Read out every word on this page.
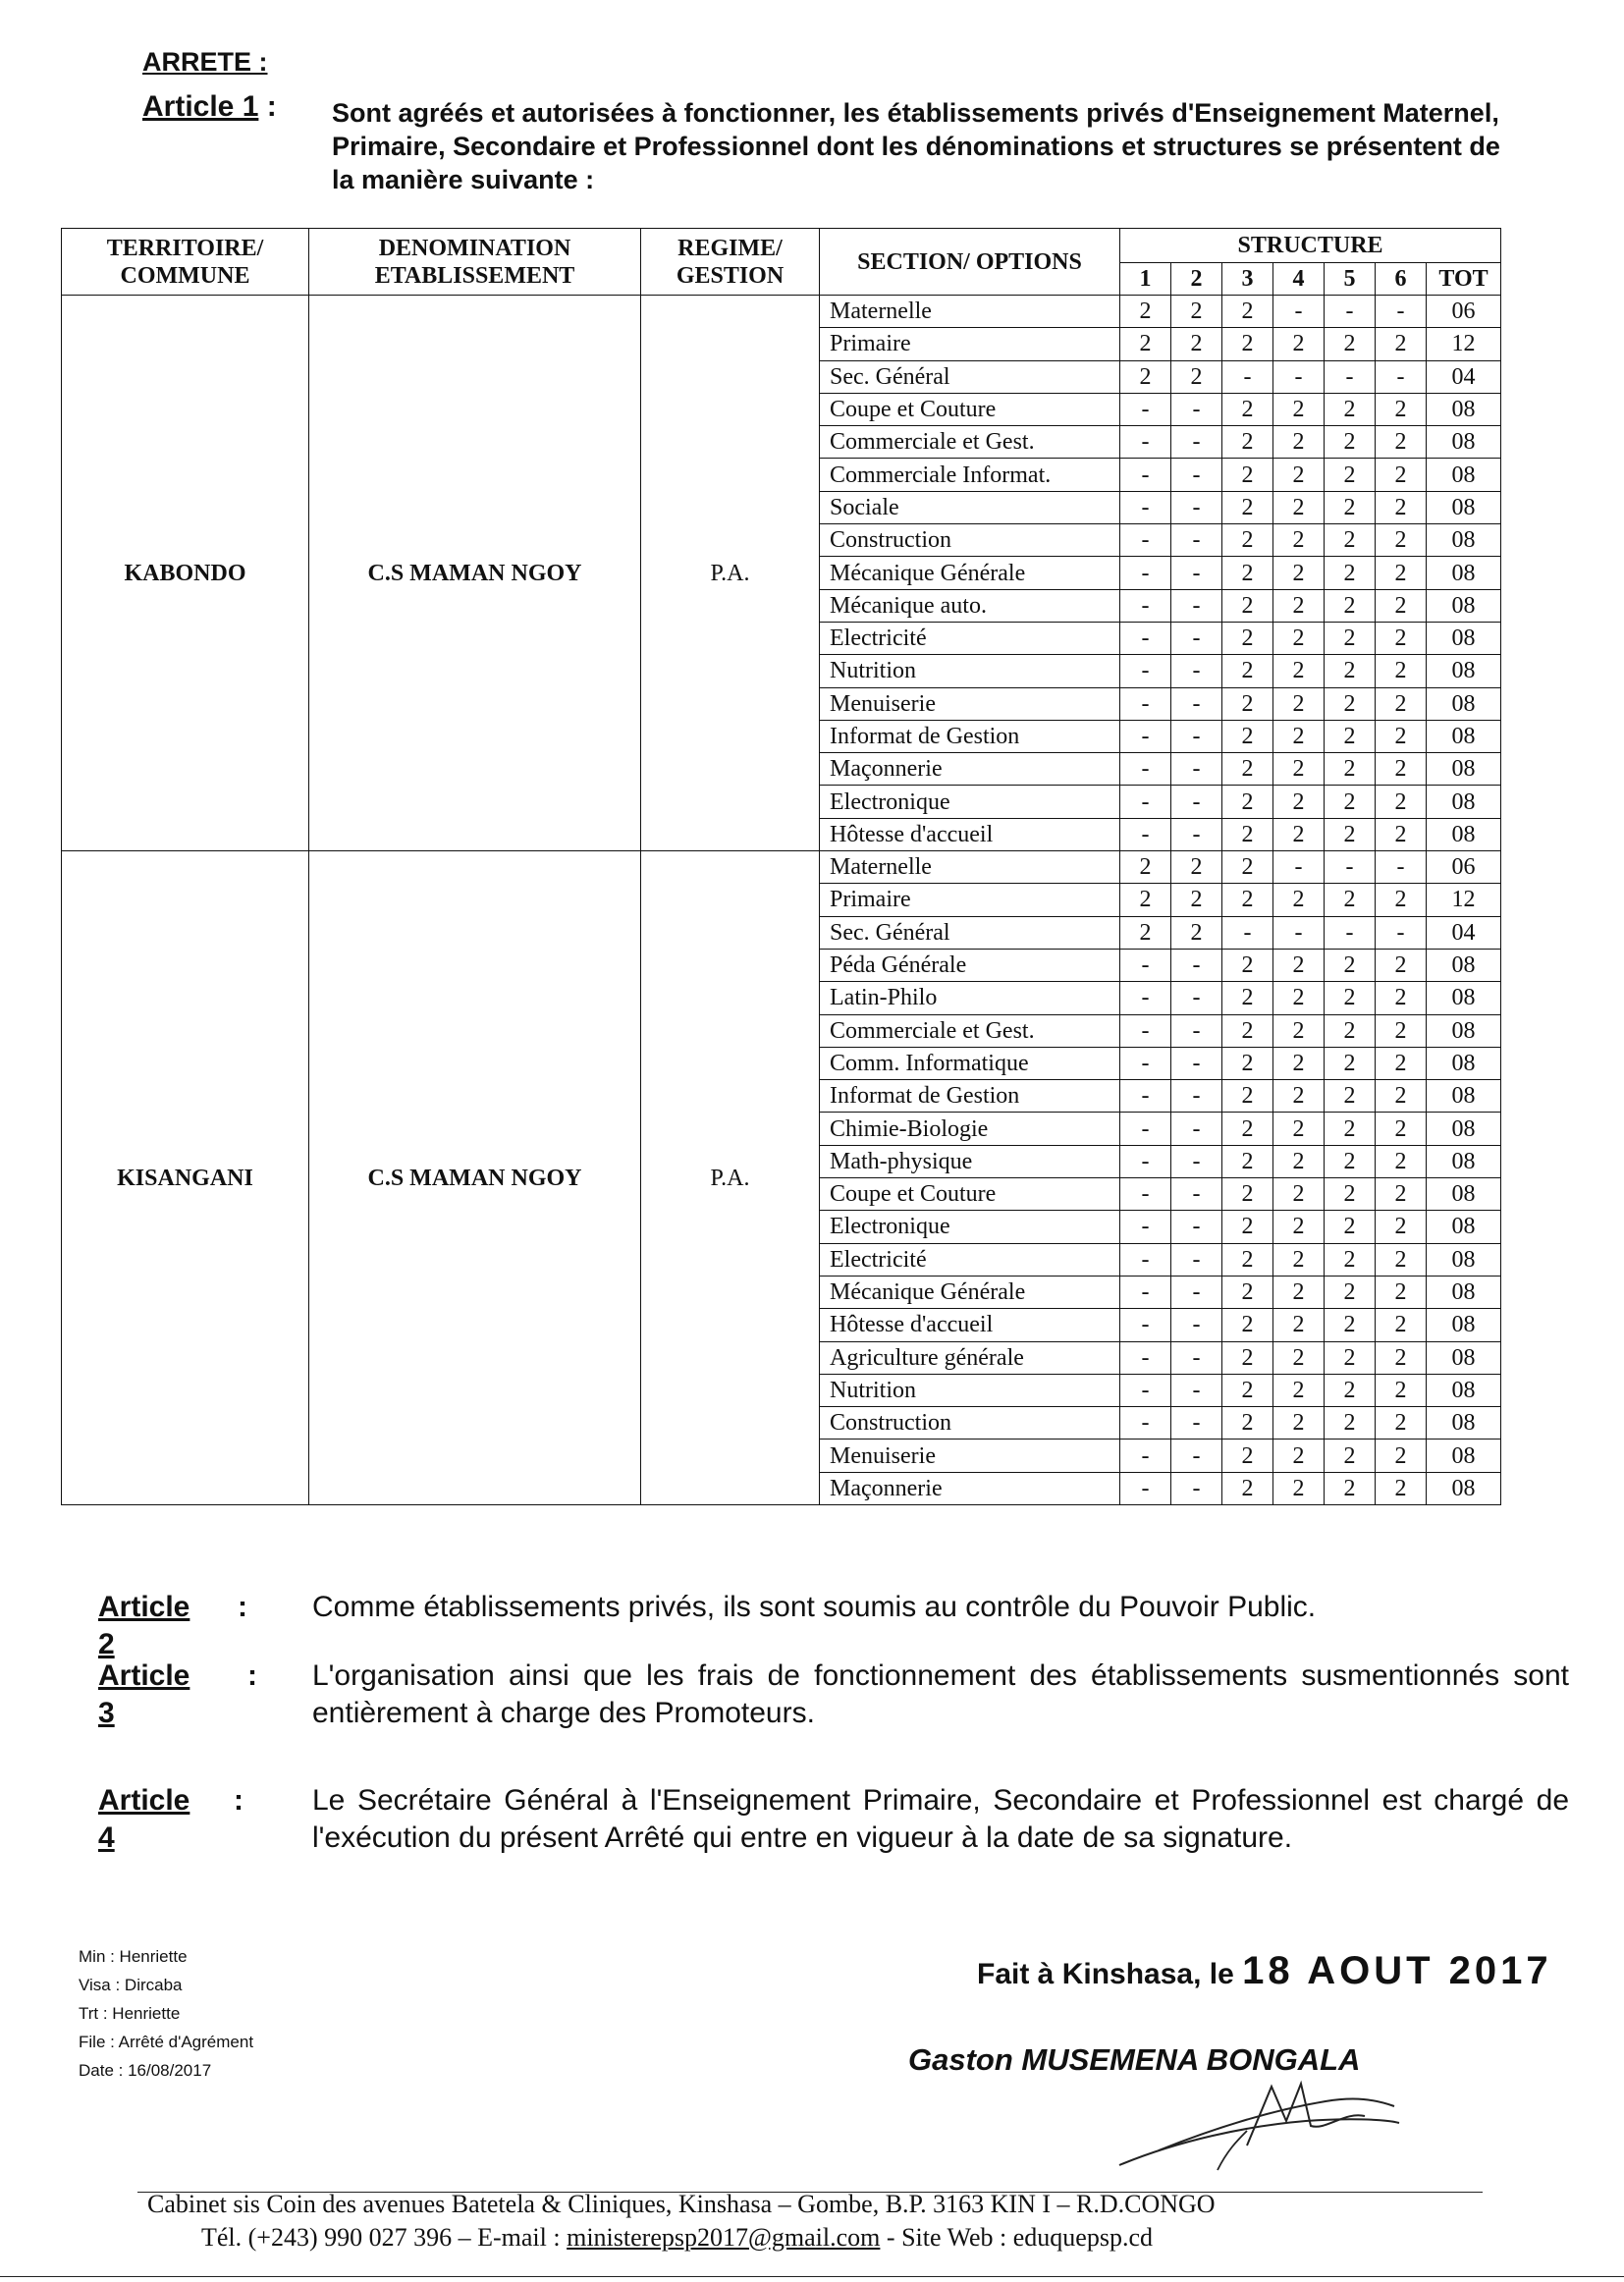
ARRETE :
Article 1 : Sont agréés et autorisées à fonctionner, les établissements privés d'Enseignement Maternel, Primaire, Secondaire et Professionnel dont les dénominations et structures se présentent de la manière suivante :
TERRITOIRE/ COMMUNE	DENOMINATION ETABLISSEMENT	REGIME/ GESTION	SECTION/ OPTIONS	STRUCTURE						
				1	2	3	4	5	6	TOT
KABONDO	C.S MAMAN NGOY	P.A.	Maternelle	2	2	2	-	-	-	06
			Primaire	2	2	2	2	2	2	12
			Sec. Général	2	2	-	-	-	-	04
			Coupe et Couture	-	-	2	2	2	2	08
			Commerciale et Gest.	-	-	2	2	2	2	08
			Commerciale Informat.	-	-	2	2	2	2	08
			Sociale	-	-	2	2	2	2	08
			Construction	-	-	2	2	2	2	08
			Mécanique Générale	-	-	2	2	2	2	08
			Mécanique auto.	-	-	2	2	2	2	08
			Electricité	-	-	2	2	2	2	08
			Nutrition	-	-	2	2	2	2	08
			Menuiserie	-	-	2	2	2	2	08
			Informat de Gestion	-	-	2	2	2	2	08
			Maçonnerie	-	-	2	2	2	2	08
			Electronique	-	-	2	2	2	2	08
			Hôtesse d'accueil	-	-	2	2	2	2	08
KISANGANI	C.S MAMAN NGOY	P.A.	Maternelle	2	2	2	-	-	-	06
			Primaire	2	2	2	2	2	2	12
			Sec. Général	2	2	-	-	-	-	04
			Péda Générale	-	-	2	2	2	2	08
			Latin-Philo	-	-	2	2	2	2	08
			Commerciale et Gest.	-	-	2	2	2	2	08
			Comm. Informatique	-	-	2	2	2	2	08
			Informat de Gestion	-	-	2	2	2	2	08
			Chimie-Biologie	-	-	2	2	2	2	08
			Math-physique	-	-	2	2	2	2	08
			Coupe et Couture	-	-	2	2	2	2	08
			Electronique	-	-	2	2	2	2	08
			Electricité	-	-	2	2	2	2	08
			Mécanique Générale	-	-	2	2	2	2	08
			Hôtesse d'accueil	-	-	2	2	2	2	08
			Agriculture générale	-	-	2	2	2	2	08
			Nutrition	-	-	2	2	2	2	08
			Construction	-	-	2	2	2	2	08
			Menuiserie	-	-	2	2	2	2	08
			Maçonnerie	-	-	2	2	2	2	08
Article 2
: Comme établissements privés, ils sont soumis au contrôle du Pouvoir Public.
Article 3
: L'organisation ainsi que les frais de fonctionnement des établissements susmentionnés sont entièrement à charge des Promoteurs.
Article 4
: Le Secrétaire Général à l'Enseignement Primaire, Secondaire et Professionnel est chargé de l'exécution du présent Arrêté qui entre en vigueur à la date de sa signature.
Min : Henriette
Visa : Dircaba
Trt : Henriette
File : Arrêté d'Agrément
Date : 16/08/2017
Fait à Kinshasa, le 18 AOUT 2017
Gaston MUSEMENA BONGALA
Cabinet sis Coin des avenues Batetela & Cliniques, Kinshasa – Gombe, B.P. 3163 KIN I – R.D.CONGO
Tél. (+243) 990 027 396 – E-mail : ministerepsp2017@gmail.com - Site Web : eduquepsp.cd
